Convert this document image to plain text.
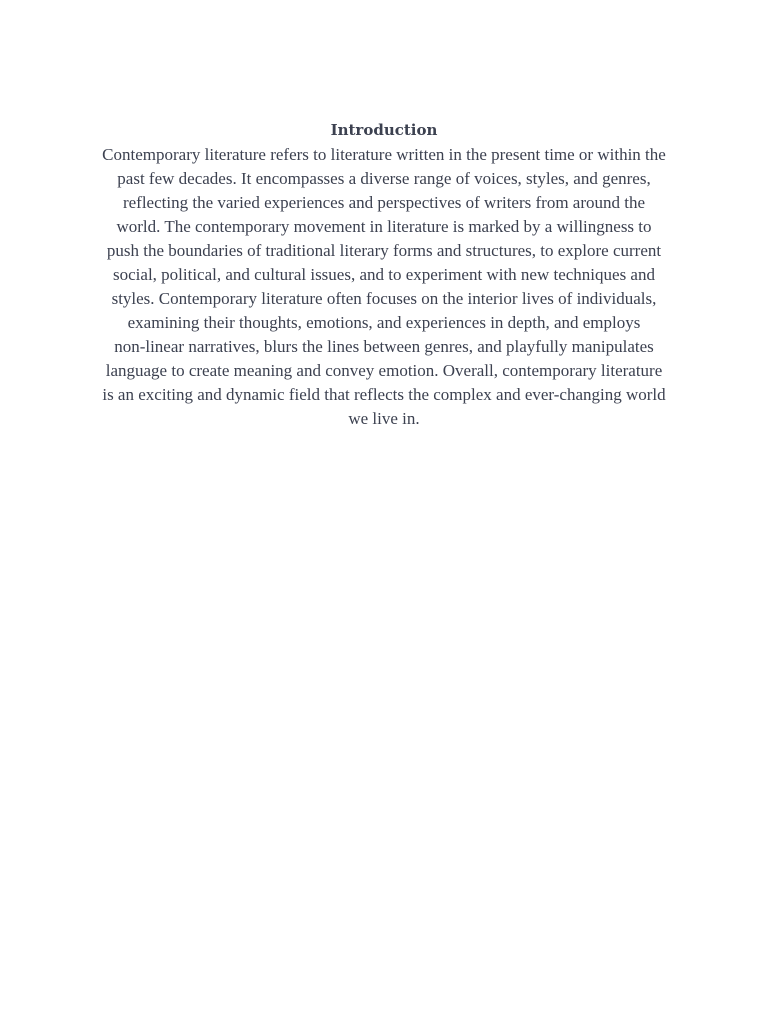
Introduction

Contemporary literature refers to literature written in the present time or within the
past few decades. It encompasses a diverse range of voices, styles, and genres,
reflecting the varied experiences and perspectives of writers from around the
world. The contemporary movement in literature is marked by a willingness to
push the boundaries of traditional literary forms and structures, to explore current
social, political, and cultural issues, and to experiment with new techniques and
styles. Contemporary literature often focuses on the interior lives of individuals,
examining their thoughts, emotions, and experiences in depth, and employs
non-linear narratives, blurs the lines between genres, and playfully manipulates
language to create meaning and convey emotion. Overall, contemporary literature
is an exciting and dynamic field that reflects the complex and ever-changing world
we live in.
